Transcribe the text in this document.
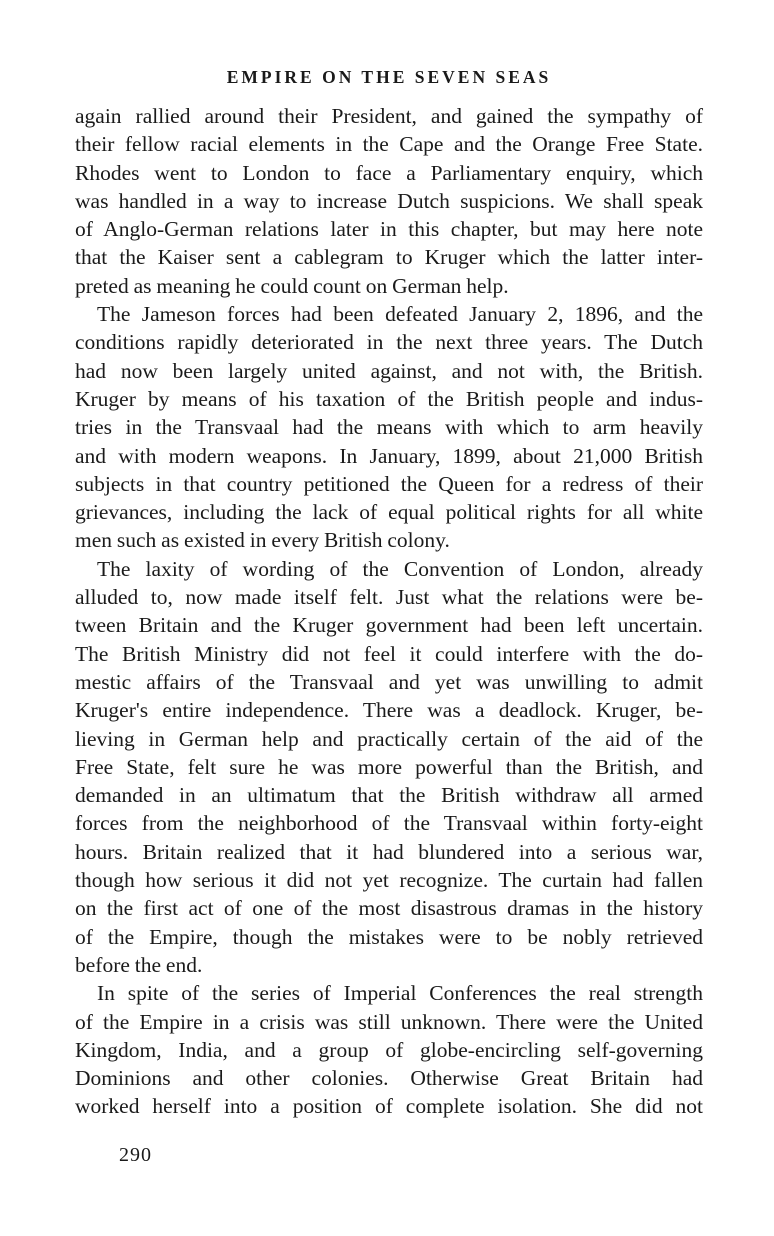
EMPIRE ON THE SEVEN SEAS
again rallied around their President, and gained the sympathy of
their fellow racial elements in the Cape and the Orange Free State.
Rhodes went to London to face a Parliamentary enquiry, which
was handled in a way to increase Dutch suspicions. We shall speak
of Anglo-German relations later in this chapter, but may here note
that the Kaiser sent a cablegram to Kruger which the latter inter-
preted as meaning he could count on German help.
The Jameson forces had been defeated January 2, 1896, and the
conditions rapidly deteriorated in the next three years. The Dutch
had now been largely united against, and not with, the British.
Kruger by means of his taxation of the British people and indus-
tries in the Transvaal had the means with which to arm heavily
and with modern weapons. In January, 1899, about 21,000 British
subjects in that country petitioned the Queen for a redress of their
grievances, including the lack of equal political rights for all white
men such as existed in every British colony.
The laxity of wording of the Convention of London, already
alluded to, now made itself felt. Just what the relations were be-
tween Britain and the Kruger government had been left uncertain.
The British Ministry did not feel it could interfere with the do-
mestic affairs of the Transvaal and yet was unwilling to admit
Kruger's entire independence. There was a deadlock. Kruger, be-
lieving in German help and practically certain of the aid of the
Free State, felt sure he was more powerful than the British, and
demanded in an ultimatum that the British withdraw all armed
forces from the neighborhood of the Transvaal within forty-eight
hours. Britain realized that it had blundered into a serious war,
though how serious it did not yet recognize. The curtain had fallen
on the first act of one of the most disastrous dramas in the history
of the Empire, though the mistakes were to be nobly retrieved
before the end.
In spite of the series of Imperial Conferences the real strength
of the Empire in a crisis was still unknown. There were the United
Kingdom, India, and a group of globe-encircling self-governing
Dominions and other colonies. Otherwise Great Britain had
worked herself into a position of complete isolation. She did not
290
